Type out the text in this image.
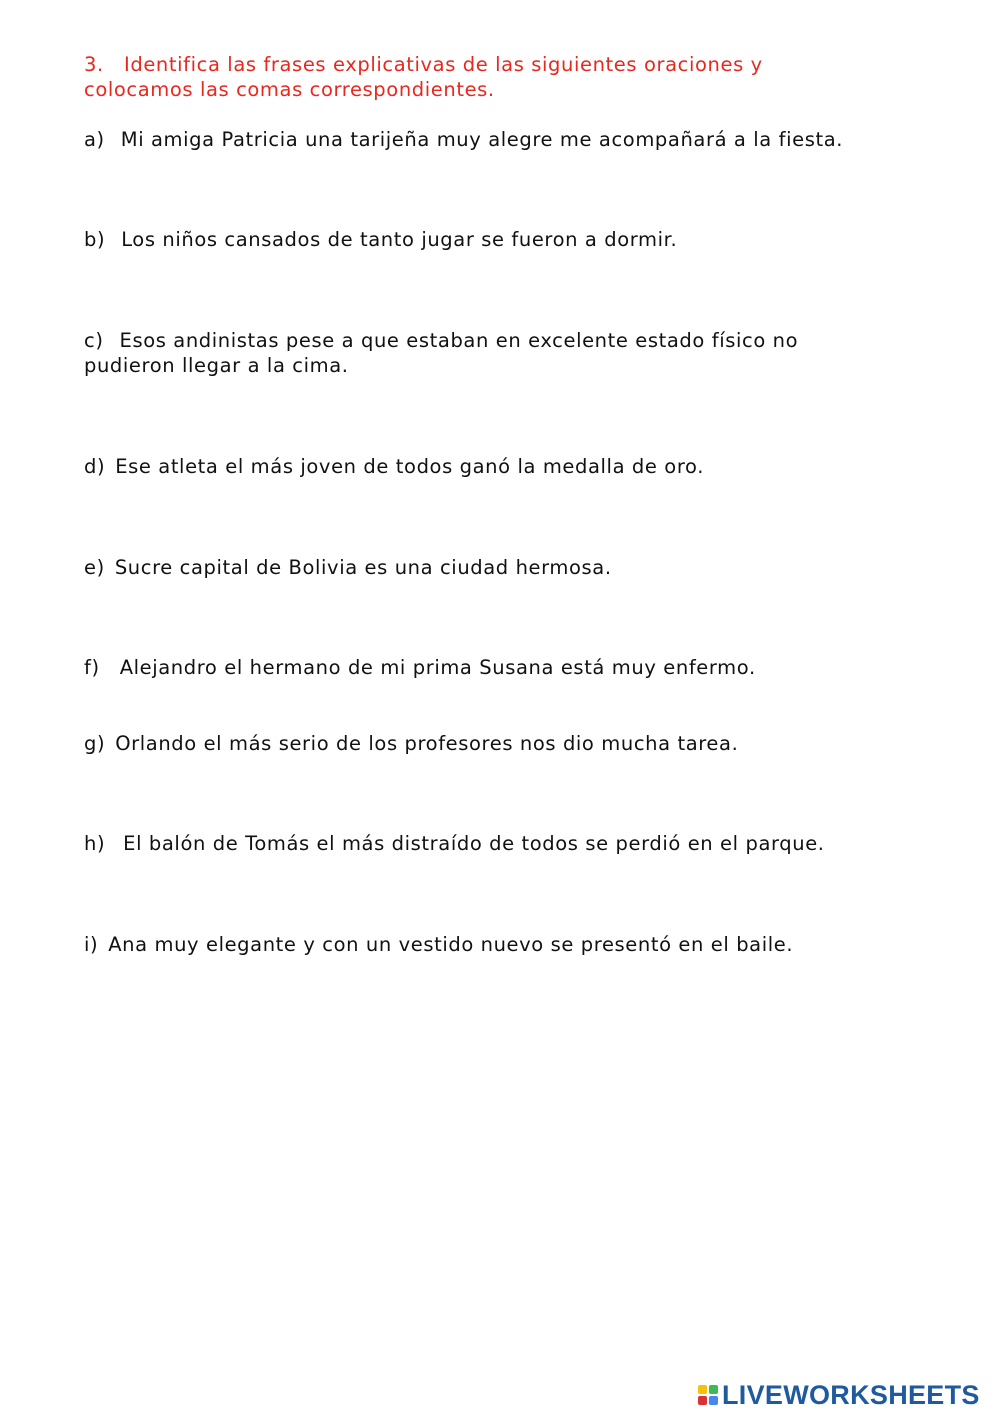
3. Identifica las frases explicativas de las siguientes oraciones y
colocamos las comas correspondientes.
a) Mi amiga Patricia una tarijeña muy alegre me acompañará a la fiesta.
b) Los niños cansados de tanto jugar se fueron a dormir.
c) Esos andinistas pese a que estaban en excelente estado físico no
pudieron llegar a la cima.
d) Ese atleta el más joven de todos ganó la medalla de oro.
e) Sucre capital de Bolivia es una ciudad hermosa.
f) Alejandro el hermano de mi prima Susana está muy enfermo.
g) Orlando el más serio de los profesores nos dio mucha tarea.
h) El balón de Tomás el más distraído de todos se perdió en el parque.
i) Ana muy elegante y con un vestido nuevo se presentó en el baile.
LIVEWORKSHEETS
